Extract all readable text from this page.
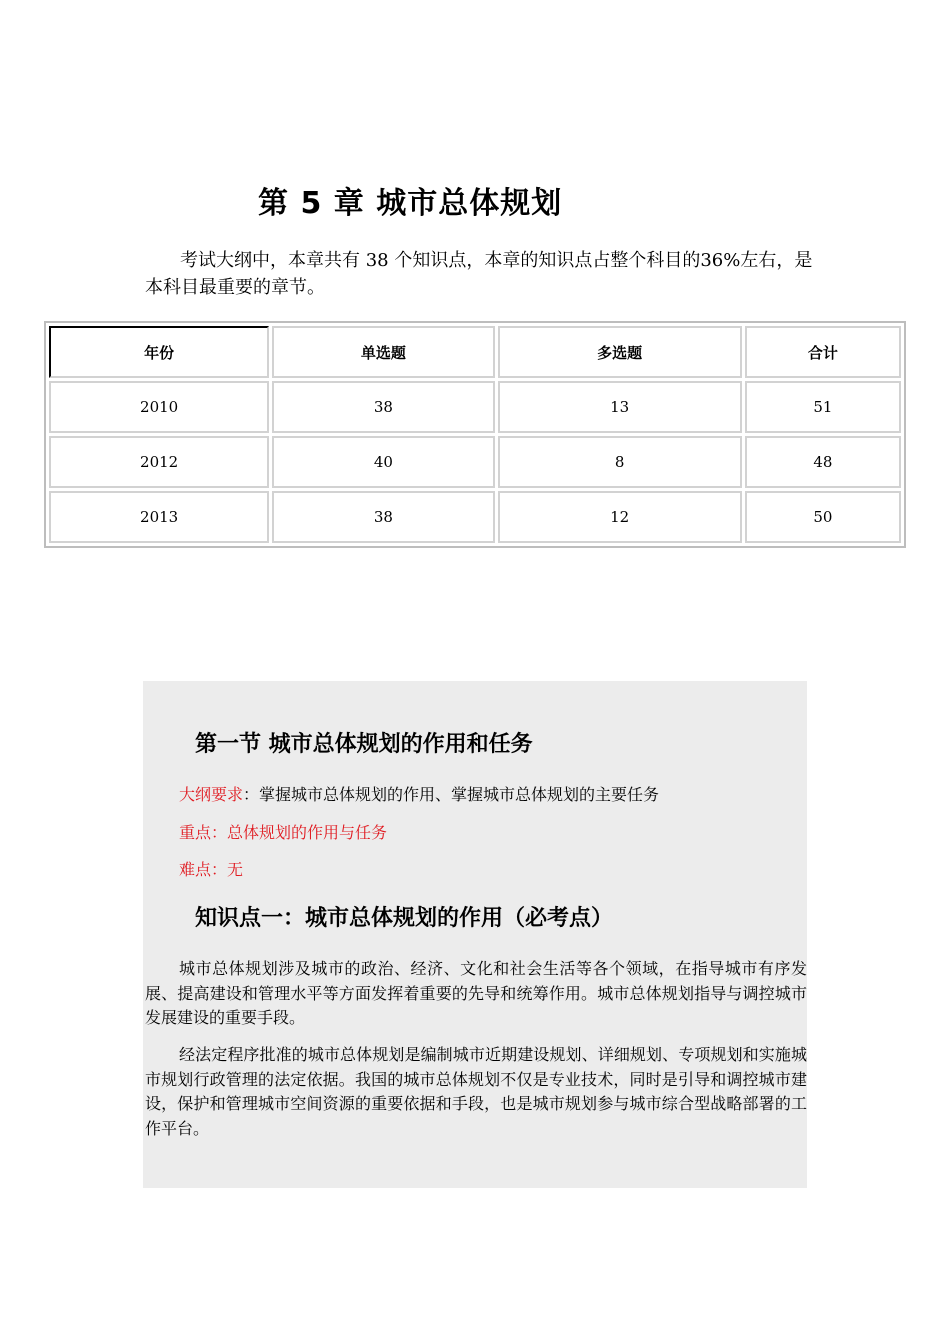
第 5 章 城市总体规划
考试大纲中，本章共有 38 个知识点，本章的知识点占整个科目的36%左右，是本科目最重要的章节。
年份	单选题	多选题	合计
2010	38	13	51
2012	40	8	48
2013	38	12	50
第一节 城市总体规划的作用和任务
大纲要求：掌握城市总体规划的作用、掌握城市总体规划的主要任务
重点：总体规划的作用与任务
难点：无
知识点一：城市总体规划的作用（必考点）
城市总体规划涉及城市的政治、经济、文化和社会生活等各个领域，在指导城市有序发展、提高建设和管理水平等方面发挥着重要的先导和统筹作用。城市总体规划指导与调控城市发展建设的重要手段。
经法定程序批准的城市总体规划是编制城市近期建设规划、详细规划、专项规划和实施城市规划行政管理的法定依据。我国的城市总体规划不仅是专业技术，同时是引导和调控城市建设，保护和管理城市空间资源的重要依据和手段，也是城市规划参与城市综合型战略部署的工作平台。
